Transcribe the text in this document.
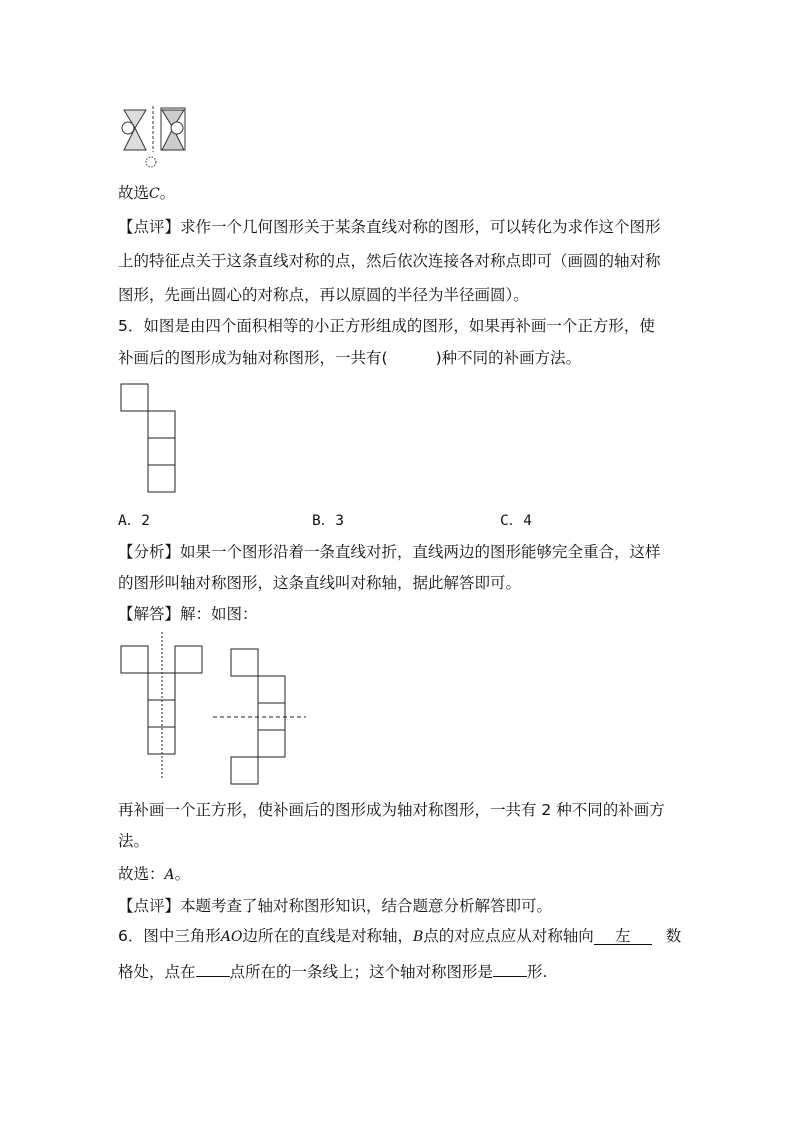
故选C。
【点评】求作一个几何图形关于某条直线对称的图形，可以转化为求作这个图形
上的特征点关于这条直线对称的点，然后依次连接各对称点即可（画圆的轴对称
图形，先画出圆心的对称点，再以原圆的半径为半径画圆）。
5．如图是由四个面积相等的小正方形组成的图形，如果再补画一个正方形，使
补画后的图形成为轴对称图形，一共有(	)种不同的补画方法。
A．2	B．3	C．4
【分析】如果一个图形沿着一条直线对折，直线两边的图形能够完全重合，这样
的图形叫轴对称图形，这条直线叫对称轴，据此解答即可。
【解答】解：如图：
再补画一个正方形，使补画后的图形成为轴对称图形，一共有 2 种不同的补画方
法。
故选：A。
【点评】本题考查了轴对称图形知识，结合题意分析解答即可。
6．图中三角形AO边所在的直线是对称轴，B点的对应点应从对称轴向 左 数
格处，点在 点所在的一条线上；这个轴对称图形是 形.
